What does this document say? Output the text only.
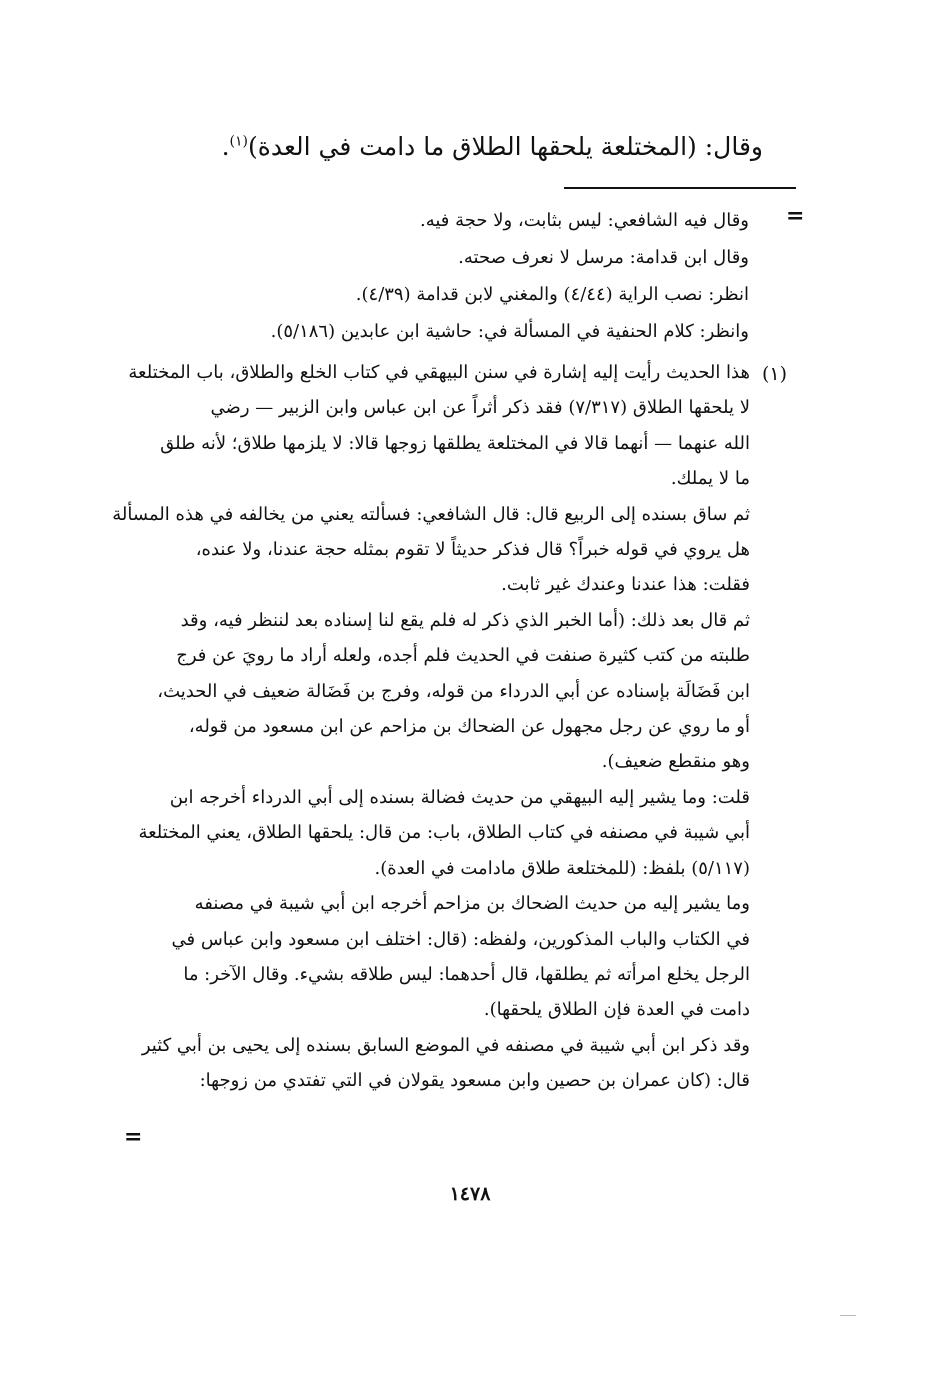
وقال: (المختلعة يلحقها الطلاق ما دامت في العدة)$^{(١)}$.
=

وقال فيه الشافعي: ليس بثابت، ولا حجة فيه.

وقال ابن قدامة: مرسل لا نعرف صحته.

انظر: نصب الراية (٤/٤٤) والمغني لابن قدامة (٤/٣٩).

وانظر: كلام الحنفية في المسألة في: حاشية ابن عابدين (٥/١٨٦).

(١)

هذا الحديث رأيت إليه إشارة في سنن البيهقي في كتاب الخلع والطلاق، باب المختلعة

لا يلحقها الطلاق (٧/٣١٧) فقد ذكر أثراً عن ابن عباس وابن الزبير — رضي

الله عنهما — أنهما قالا في المختلعة يطلقها زوجها قالا: لا يلزمها طلاق؛ لأنه طلق

ما لا يملك.

ثم ساق بسنده إلى الربيع قال: قال الشافعي: فسألته يعني من يخالفه في هذه المسألة

هل يروي في قوله خبراً؟ قال فذكر حديثاً لا تقوم بمثله حجة عندنا، ولا عنده،

فقلت: هذا عندنا وعندك غير ثابت.

ثم قال بعد ذلك: (أما الخبر الذي ذكر له فلم يقع لنا إسناده بعد لننظر فيه، وقد

طلبته من كتب كثيرة صنفت في الحديث فلم أجده، ولعله أراد ما رويَ عن فرج

ابن فَضَالَة بإسناده عن أبي الدرداء من قوله، وفرج بن فَضَالة ضعيف في الحديث،

أو ما روي عن رجل مجهول عن الضحاك بن مزاحم عن ابن مسعود من قوله،

وهو منقطع ضعيف).

قلت: وما يشير إليه البيهقي من حديث فضالة بسنده إلى أبي الدرداء أخرجه ابن

أبي شيبة في مصنفه في كتاب الطلاق، باب: من قال: يلحقها الطلاق، يعني المختلعة

(٥/١١٧) بلفظ: (للمختلعة طلاق مادامت في العدة).

وما يشير إليه من حديث الضحاك بن مزاحم أخرجه ابن أبي شيبة في مصنفه

في الكتاب والباب المذكورين، ولفظه: (قال: اختلف ابن مسعود وابن عباس في

الرجل يخلع امرأته ثم يطلقها، قال أحدهما: ليس طلاقه بشيء. وقال الآخر: ما

دامت في العدة فإن الطلاق يلحقها).

وقد ذكر ابن أبي شيبة في مصنفه في الموضع السابق بسنده إلى يحيى بن أبي كثير

قال: (كان عمران بن حصين وابن مسعود يقولان في التي تفتدي من زوجها:

=
١٤٧٨
